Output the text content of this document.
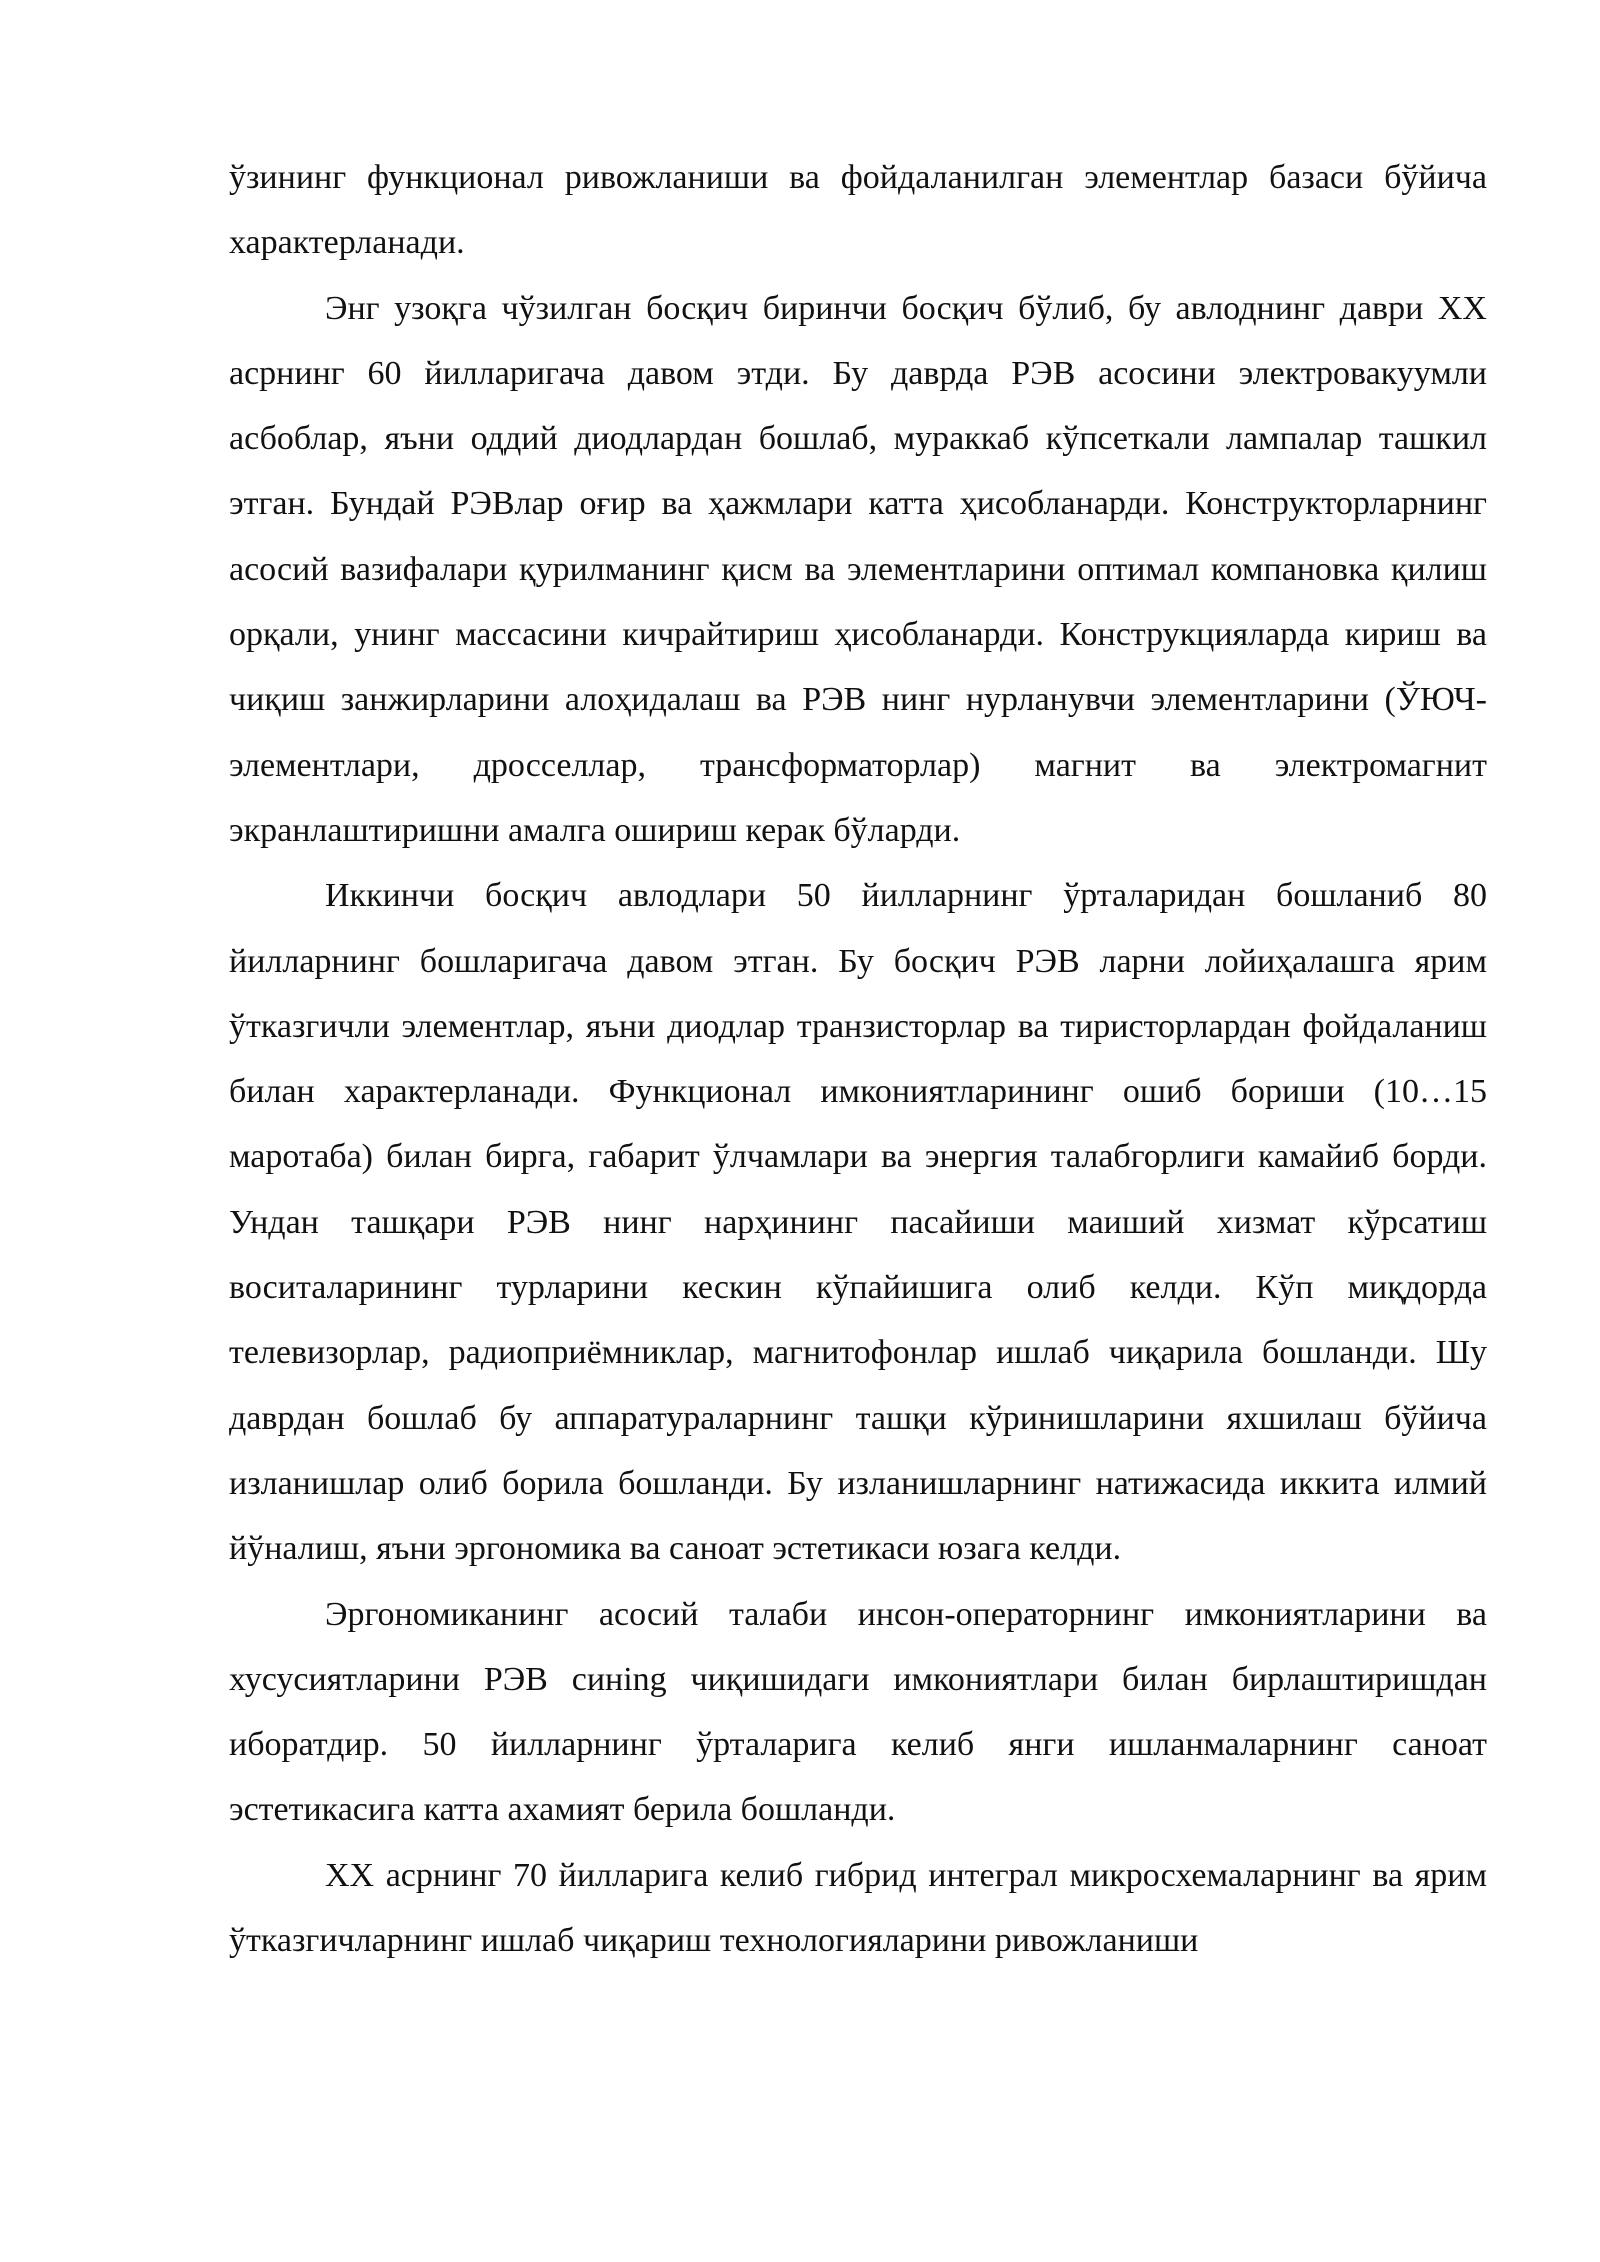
ўзининг функционал ривожланиши ва фойдаланилган элементлар базаси бўйича характерланади.

Энг узоқга чўзилган босқич биринчи босқич бўлиб, бу авлоднинг даври XX асрнинг 60 йилларигача давом этди. Бу даврда РЭВ асосини электровакуумли асбоблар, яъни оддий диодлардан бошлаб, мураккаб кўпсеткали лампалар ташкил этган. Бундай РЭВлар оғир ва ҳажмлари катта ҳисобланарди. Конструкторларнинг асосий вазифалари қурилманинг қисм ва элементларини оптимал компановка қилиш орқали, унинг массасини кичрайтириш ҳисобланарди. Конструкцияларда кириш ва чиқиш занжирларини алоҳидалаш ва РЭВ нинг нурланувчи элементларини (ЎЮЧ-элементлари, дросселлар, трансформаторлар) магнит ва электромагнит экранлаштиришни амалга ошириш керак бўларди.

Иккинчи босқич авлодлари 50 йилларнинг ўрталаридан бошланиб 80 йилларнинг бошларигача давом этган. Бу босқич РЭВ ларни лойиҳалашга ярим ўтказгичли элементлар, яъни диодлар транзисторлар ва тиристорлардан фойдаланиш билан характерланади. Функционал имкониятларининг ошиб бориши (10…15 маротаба) билан бирга, габарит ўлчамлари ва энергия талабгорлиги камайиб борди. Ундан ташқари РЭВ нинг нарҳининг пасайиши маиший хизмат кўрсатиш воситаларининг турларини кескин кўпайишига олиб келди. Кўп миқдорда телевизорлар, радиоприёмниклар, магнитофонлар ишлаб чиқарила бошланди. Шу даврдан бошлаб бу аппаратураларнинг ташқи кўринишларини яхшилаш бўйича изланишлар олиб борила бошланди. Бу изланишларнинг натижасида иккита илмий йўналиш, яъни эргономика ва саноат эстетикаси юзага келди.

Эргономиканинг асосий талаби инсон-операторнинг имкониятларини ва хусусиятларини РЭВ синing чиқишидаги имкониятлари билан бирлаштиришдан иборатдир. 50 йилларнинг ўрталарига келиб янги ишланмаларнинг саноат эстетикасига катта ахамият берила бошланди.

XX асрнинг 70 йилларига келиб гибрид интеграл микросхемаларнинг ва ярим ўтказгичларнинг ишлаб чиқариш технологияларини ривожланиши
